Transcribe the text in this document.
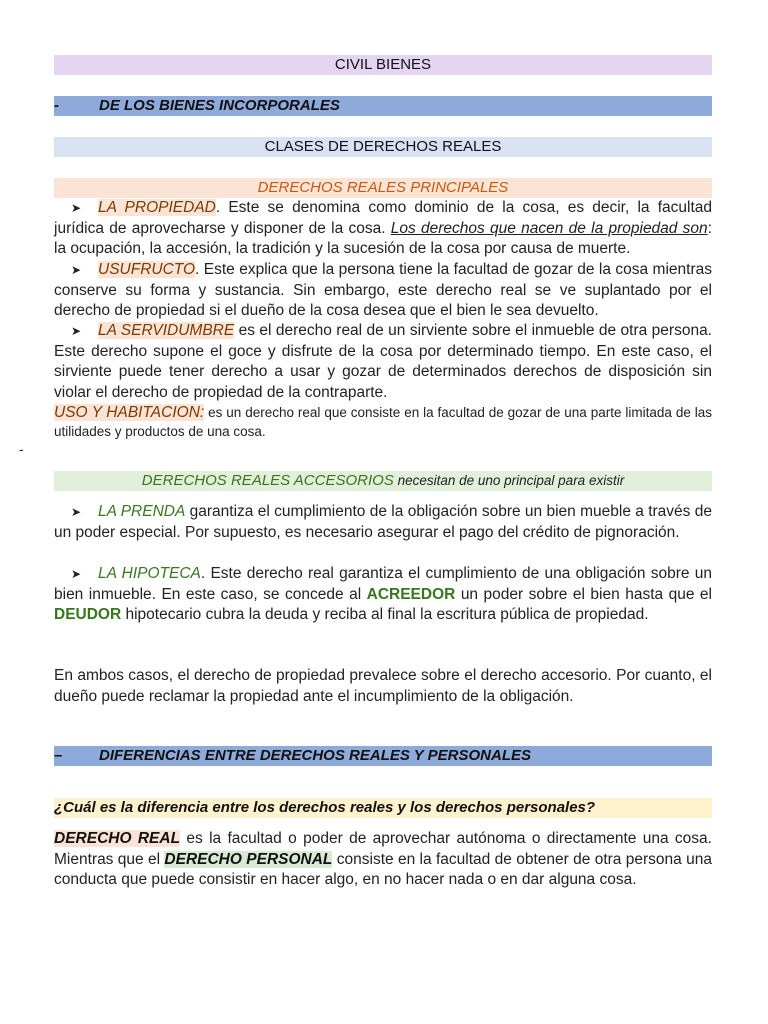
CIVIL BIENES
-	DE LOS BIENES INCORPORALES
CLASES DE DERECHOS REALES
DERECHOS REALES PRINCIPALES
➤ LA PROPIEDAD. Este se denomina como dominio de la cosa, es decir, la facultad jurídica de aprovecharse y disponer de la cosa. Los derechos que nacen de la propiedad son: la ocupación, la accesión, la tradición y la sucesión de la cosa por causa de muerte.
➤ USUFRUCTO. Este explica que la persona tiene la facultad de gozar de la cosa mientras conserve su forma y sustancia. Sin embargo, este derecho real se ve suplantado por el derecho de propiedad si el dueño de la cosa desea que el bien le sea devuelto.
➤ LA SERVIDUMBRE es el derecho real de un sirviente sobre el inmueble de otra persona. Este derecho supone el goce y disfrute de la cosa por determinado tiempo. En este caso, el sirviente puede tener derecho a usar y gozar de determinados derechos de disposición sin violar el derecho de propiedad de la contraparte.
USO Y HABITACION: es un derecho real que consiste en la facultad de gozar de una parte limitada de las utilidades y productos de una cosa.
DERECHOS REALES ACCESORIOS necesitan de uno principal para existir
➤ LA PRENDA garantiza el cumplimiento de la obligación sobre un bien mueble a través de un poder especial. Por supuesto, es necesario asegurar el pago del crédito de pignoración.
➤ LA HIPOTECA. Este derecho real garantiza el cumplimiento de una obligación sobre un bien inmueble. En este caso, se concede al ACREEDOR un poder sobre el bien hasta que el DEUDOR hipotecario cubra la deuda y reciba al final la escritura pública de propiedad.
En ambos casos, el derecho de propiedad prevalece sobre el derecho accesorio. Por cuanto, el dueño puede reclamar la propiedad ante el incumplimiento de la obligación.
– DIFERENCIAS ENTRE DERECHOS REALES Y PERSONALES
¿Cuál es la diferencia entre los derechos reales y los derechos personales?
DERECHO REAL es la facultad o poder de aprovechar autónoma o directamente una cosa. Mientras que el DERECHO PERSONAL consiste en la facultad de obtener de otra persona una conducta que puede consistir en hacer algo, en no hacer nada o en dar alguna cosa.
-
